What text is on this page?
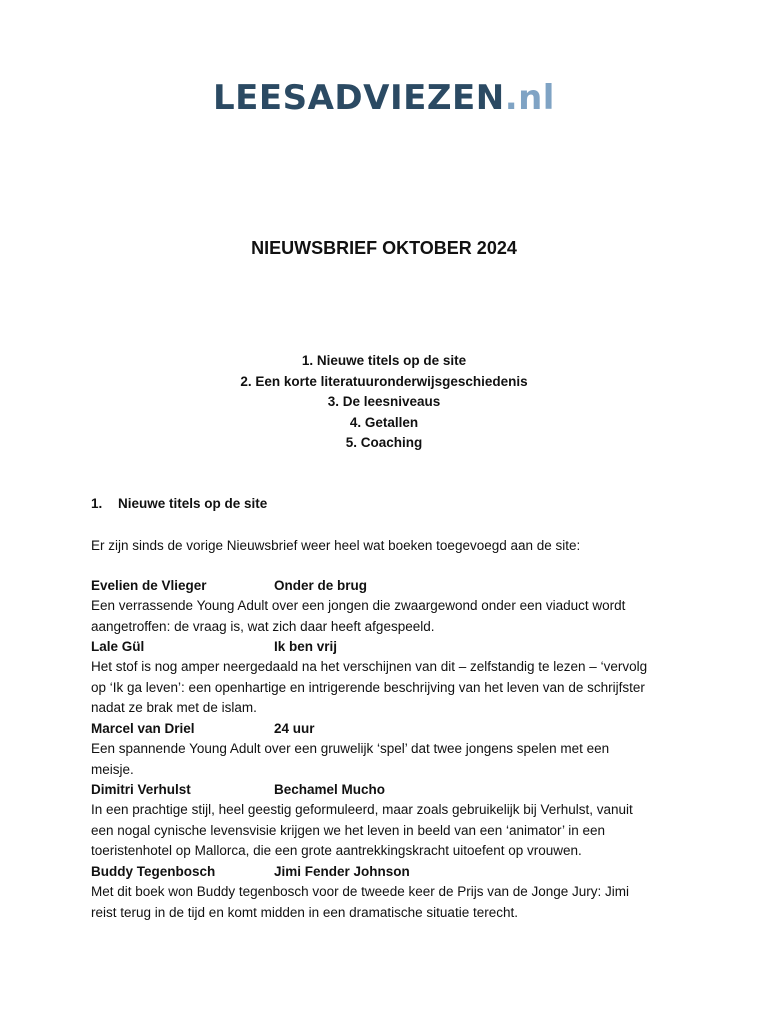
LEESADVIEZEN.nl
NIEUWSBRIEF OKTOBER 2024
1. Nieuwe titels op de site
2. Een korte literatuuronderwijsgeschiedenis
3. De leesniveaus
4. Getallen
5. Coaching
1. Nieuwe titels op de site
Er zijn sinds de vorige Nieuwsbrief weer heel wat boeken toegevoegd aan de site:
Evelien de Vlieger	Onder de brug
Een verrassende Young Adult over een jongen die zwaargewond onder een viaduct wordt
aangetroffen: de vraag is, wat zich daar heeft afgespeeld.
Lale Gül	Ik ben vrij
Het stof is nog amper neergedaald na het verschijnen van dit – zelfstandig te lezen – ‘vervolg
op ‘Ik ga leven’: een openhartige en intrigerende beschrijving van het leven van de schrijfster
nadat ze brak met de islam.
Marcel van Driel	24 uur
Een spannende Young Adult over een gruwelijk ‘spel’ dat twee jongens spelen met een
meisje.
Dimitri Verhulst	Bechamel Mucho
In een prachtige stijl, heel geestig geformuleerd, maar zoals gebruikelijk bij Verhulst, vanuit
een nogal cynische levensvisie krijgen we het leven in beeld van een ‘animator’ in een
toeristenhotel op Mallorca, die een grote aantrekkingskracht uitoefent op vrouwen.
Buddy Tegenbosch	Jimi Fender Johnson
Met dit boek won Buddy tegenbosch voor de tweede keer de Prijs van de Jonge Jury: Jimi
reist terug in de tijd en komt midden in een dramatische situatie terecht.
